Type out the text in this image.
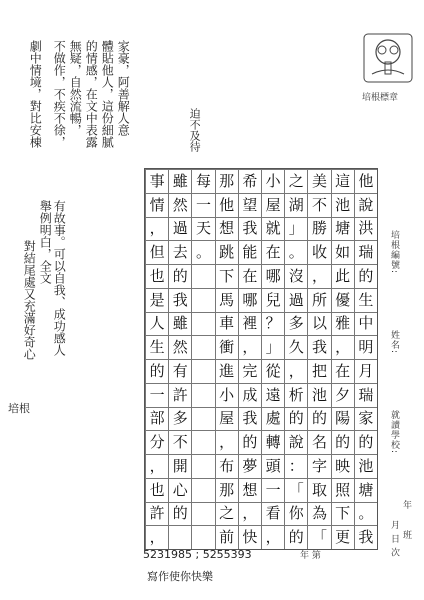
培根標章
迫不及待
家豪，阿善解人意
體貼他人，這份細膩
的情感，在文中表露
無疑，自然流暢，
不做作，不疾不徐，
劇中情境，對比安棟
有故事。可以自我、成功感人
舉例明白，全文
對結尾處又充滿好奇心
他
說
洪
瑞
的
生
中
明
月
瑞
家
的
池
塘
。
我
這
池
塘
如
此
優
雅
，
在
夕
陽
的
映
照
下
更
美
不
勝
收
，
所
以
我
把
池
的
名
字
取
為
「
之
湖
」
。
沒
過
多
久
，
析
的
說
：
「
你
的
小
屋
就
在
哪
兒
？
」
從
遠
處
轉
頭
一
看
，
希
望
我
能
在
哪
裡
，
完
成
我
的
夢
想
，
快
那
他
想
跳
下
馬
車
衝
進
小
屋
，
布
那
之
前
每
一
天
。
雖
然
過
去
的
我
雖
然
有
許
多
不
開
心
的
事
情
，
但
也
是
人
生
的
一
部
分
，
也
許
，
培根編號:
姓名:
就讀學校:
年
班
月 日 次
培根
5231985 ; 5255393
寫作使你快樂
年 第
